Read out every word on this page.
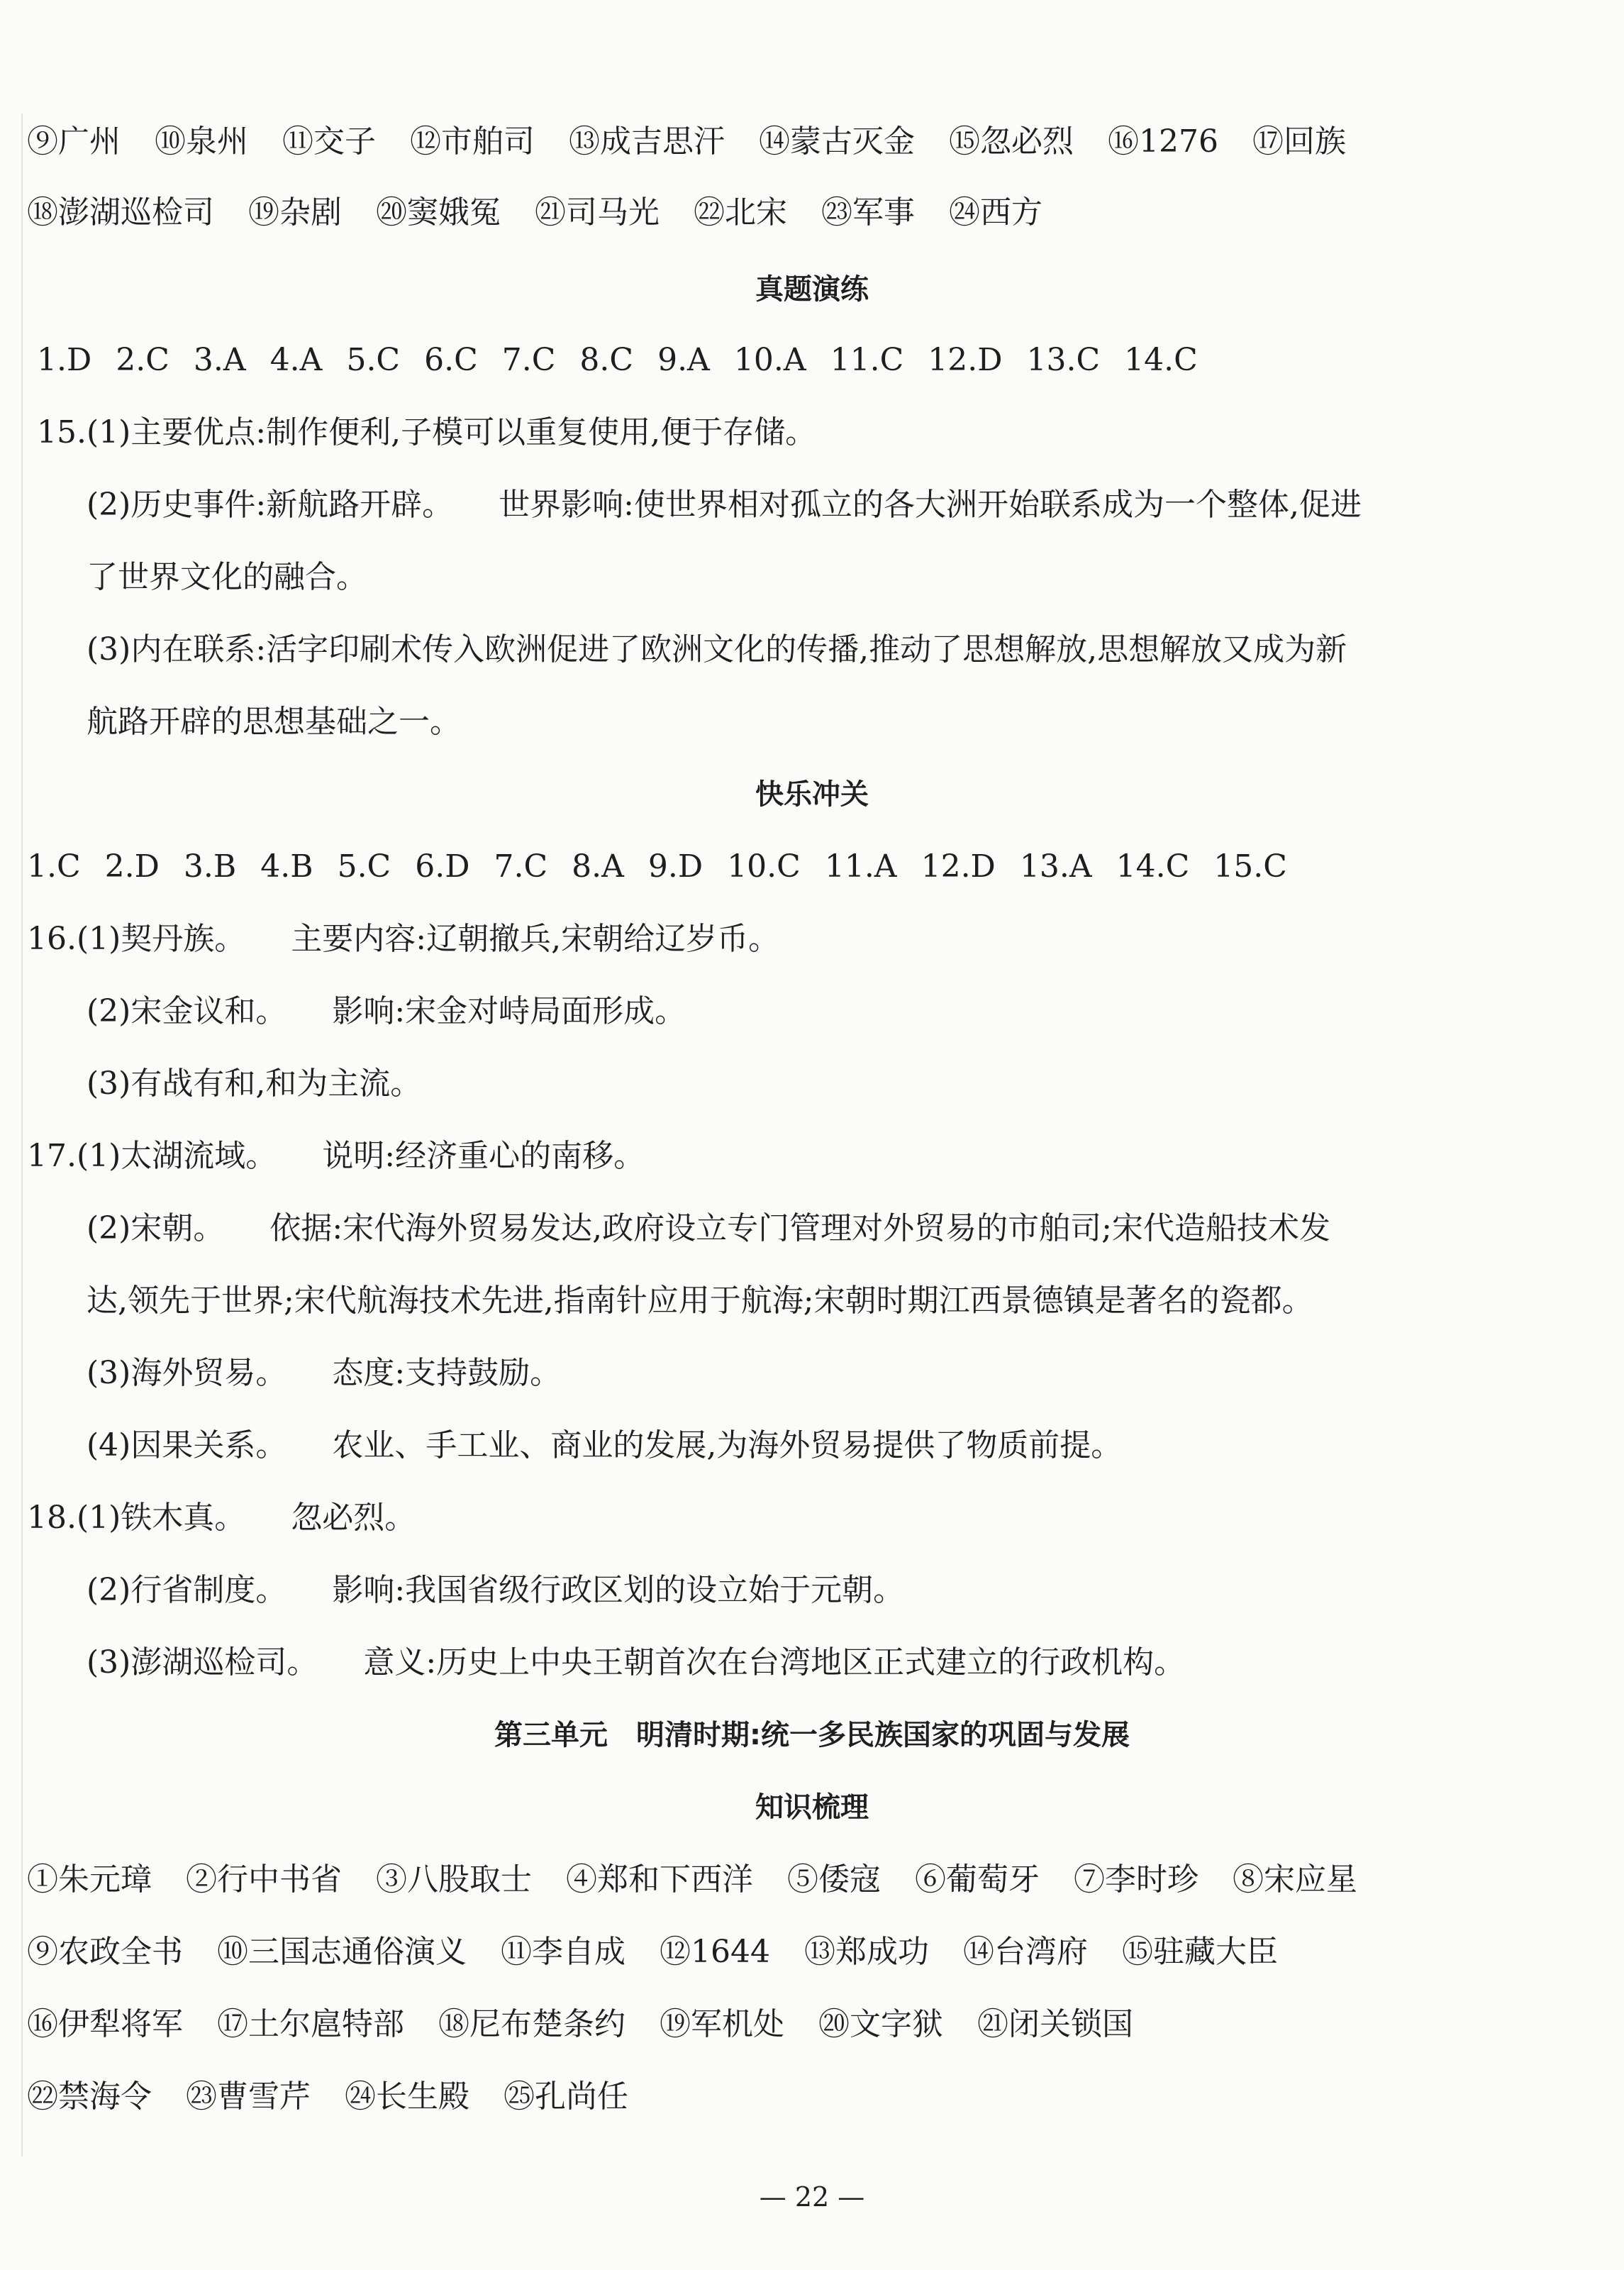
⑨广州 ⑩泉州 ⑪交子 ⑫市舶司 ⑬成吉思汗 ⑭蒙古灭金 ⑮忽必烈 ⑯1276 ⑰回族
⑱澎湖巡检司 ⑲杂剧 ⑳窦娥冤 ㉑司马光 ㉒北宋 ㉓军事 ㉔西方
真题演练
1.D 2.C 3.A 4.A 5.C 6.C 7.C 8.C 9.A 10.A 11.C 12.D 13.C 14.C
15.(1)主要优点:制作便利,子模可以重复使用,便于存储。
(2)历史事件:新航路开辟。 世界影响:使世界相对孤立的各大洲开始联系成为一个整体,促进
了世界文化的融合。
(3)内在联系:活字印刷术传入欧洲促进了欧洲文化的传播,推动了思想解放,思想解放又成为新
航路开辟的思想基础之一。
快乐冲关
1.C 2.D 3.B 4.B 5.C 6.D 7.C 8.A 9.D 10.C 11.A 12.D 13.A 14.C 15.C
16.(1)契丹族。 主要内容:辽朝撤兵,宋朝给辽岁币。
(2)宋金议和。 影响:宋金对峙局面形成。
(3)有战有和,和为主流。
17.(1)太湖流域。 说明:经济重心的南移。
(2)宋朝。 依据:宋代海外贸易发达,政府设立专门管理对外贸易的市舶司;宋代造船技术发
达,领先于世界;宋代航海技术先进,指南针应用于航海;宋朝时期江西景德镇是著名的瓷都。
(3)海外贸易。 态度:支持鼓励。
(4)因果关系。 农业、手工业、商业的发展,为海外贸易提供了物质前提。
18.(1)铁木真。 忽必烈。
(2)行省制度。 影响:我国省级行政区划的设立始于元朝。
(3)澎湖巡检司。 意义:历史上中央王朝首次在台湾地区正式建立的行政机构。
第三单元　明清时期:统一多民族国家的巩固与发展
知识梳理
①朱元璋 ②行中书省 ③八股取士 ④郑和下西洋 ⑤倭寇 ⑥葡萄牙 ⑦李时珍 ⑧宋应星
⑨农政全书 ⑩三国志通俗演义 ⑪李自成 ⑫1644 ⑬郑成功 ⑭台湾府 ⑮驻藏大臣
⑯伊犁将军 ⑰土尔扈特部 ⑱尼布楚条约 ⑲军机处 ⑳文字狱 ㉑闭关锁国
㉒禁海令 ㉓曹雪芹 ㉔长生殿 ㉕孔尚任
— 22 —
